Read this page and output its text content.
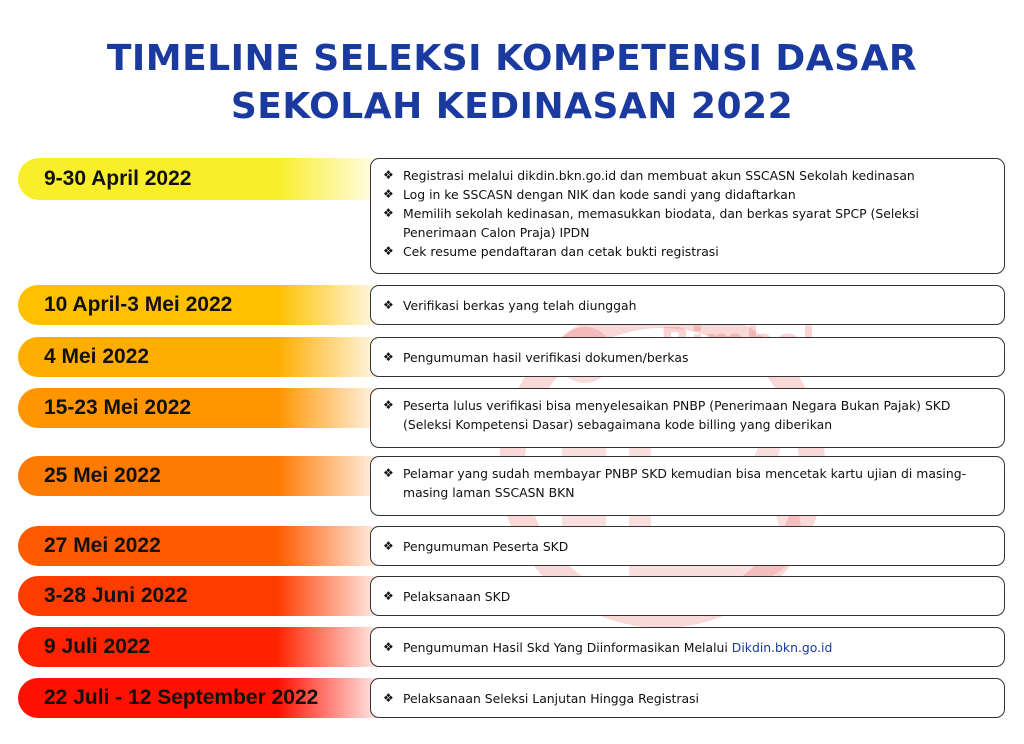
TIMELINE SELEKSI KOMPETENSI DASAR
SEKOLAH KEDINASAN 2022
9-30 April 2022	❖ Registrasi melalui dikdin.bkn.go.id dan membuat akun SSCASN Sekolah kedinasan
❖ Log in ke SSCASN dengan NIK dan kode sandi yang didaftarkan
❖ Memilih sekolah kedinasan, memasukkan biodata, dan berkas syarat SPCP (Seleksi Penerimaan Calon Praja) IPDN
❖ Cek resume pendaftaran dan cetak bukti registrasi
10 April-3 Mei 2022	❖ Verifikasi berkas yang telah diunggah
4 Mei 2022	❖ Pengumuman hasil verifikasi dokumen/berkas
15-23 Mei 2022	❖ Peserta lulus verifikasi bisa menyelesaikan PNBP (Penerimaan Negara Bukan Pajak) SKD (Seleksi Kompetensi Dasar) sebagaimana kode billing yang diberikan
25 Mei 2022	❖ Pelamar yang sudah membayar PNBP SKD kemudian bisa mencetak kartu ujian di masing-masing laman SSCASN BKN
27 Mei 2022	❖ Pengumuman Peserta SKD
3-28 Juni 2022	❖ Pelaksanaan SKD
9 Juli 2022	❖ Pengumuman Hasil Skd Yang Diinformasikan Melalui Dikdin.bkn.go.id
22 Juli - 12 September 2022	❖ Pelaksanaan Seleksi Lanjutan Hingga Registrasi
